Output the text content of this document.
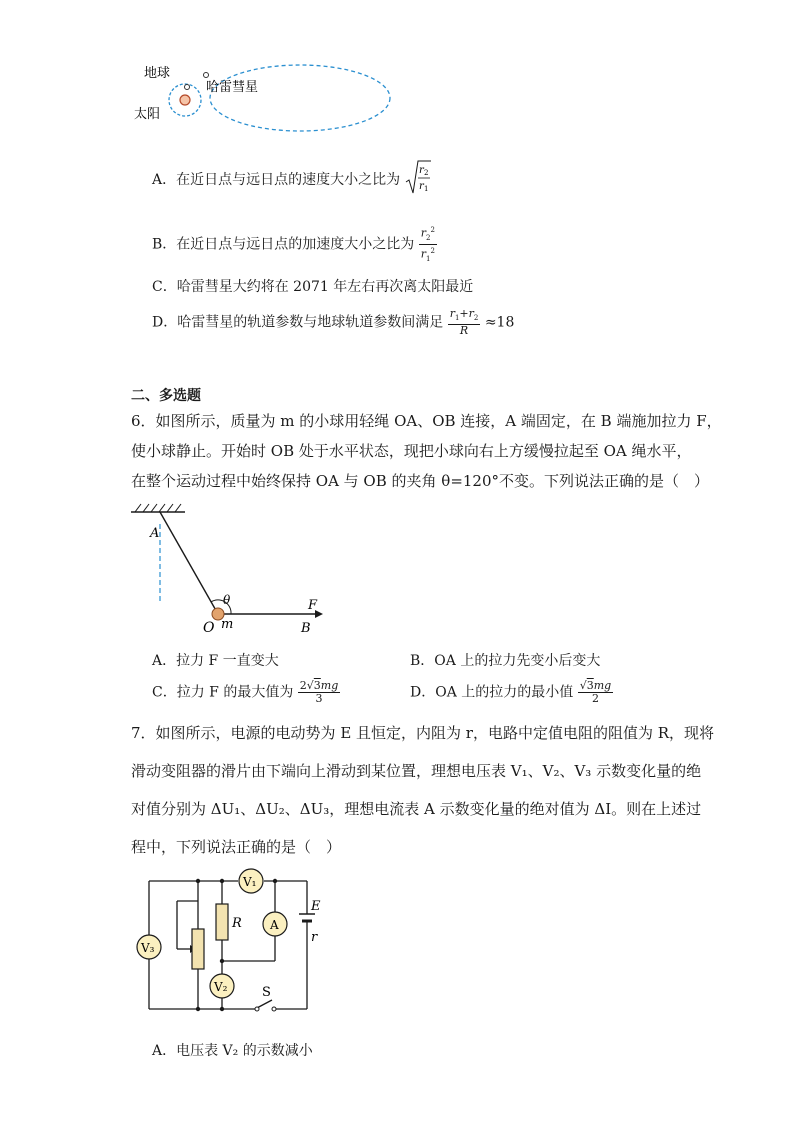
地球
哈雷彗星
太阳
A．在近日点与远日点的速度大小之比为
r 2
r 1
B．在近日点与远日点的加速度大小之比为 $\frac{r_2^2}{r_1^2}$
C．哈雷彗星大约将在 2071 年左右再次离太阳最近
D．哈雷彗星的轨道参数与地球轨道参数间满足 $\frac{r_1+r_2}{R} \approx 18$
二、多选题
6．如图所示，质量为 m 的小球用轻绳 OA、OB 连接，A 端固定，在 B 端施加拉力 F，
使小球静止。开始时 OB 处于水平状态，现把小球向右上方缓慢拉起至 OA 绳水平，
在整个运动过程中始终保持 OA 与 OB 的夹角 θ=120°不变。下列说法正确的是（　）
A
θ
O m
F
B
A．拉力 F 一直变大	B．OA 上的拉力先变小后变大
C．拉力 F 的最大值为 $\frac{2√3mg}{3}$	D．OA 上的拉力的最小值 $\frac{√3mg}{2}$
7．如图所示，电源的电动势为 E 且恒定，内阻为 r，电路中定值电阻的阻值为 R，现将
滑动变阻器的滑片由下端向上滑动到某位置，理想电压表 V₁、V₂、V₃ 示数变化量的绝
对值分别为 ΔU₁、ΔU₂、ΔU₃，理想电流表 A 示数变化量的绝对值为 ΔI。则在上述过
程中，下列说法正确的是（　）
V₁
V₃
V₂
A
R
E
r
S
A．电压表 V₂ 的示数减小
